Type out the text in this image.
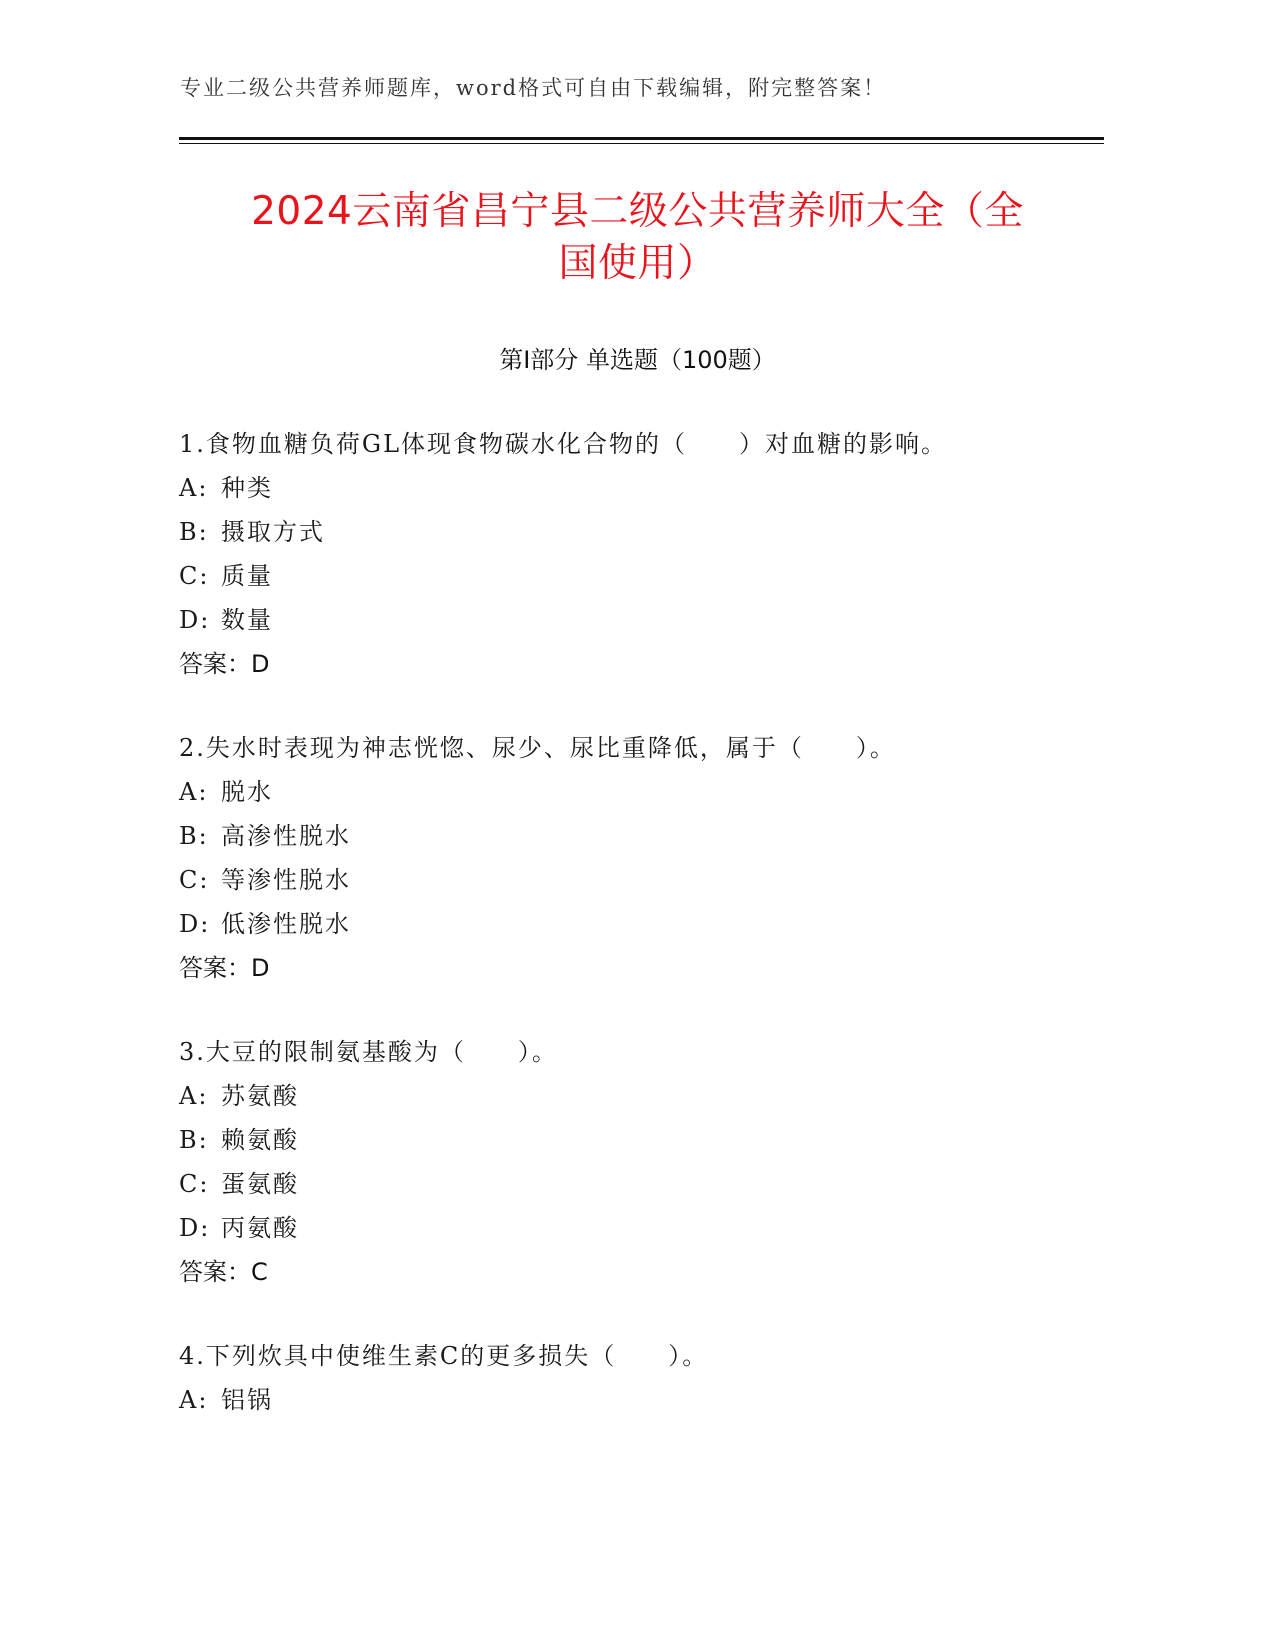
专业二级公共营养师题库，word格式可自由下载编辑，附完整答案！
2024云南省昌宁县二级公共营养师大全（全
国使用）
第Ⅰ部分 单选题（100题）
1.食物血糖负荷GL体现食物碳水化合物的（　　）对血糖的影响。
A: 种类
B: 摄取方式
C: 质量
D: 数量
答案：D
2.失水时表现为神志恍惚、尿少、尿比重降低，属于（　　）。
A: 脱水
B: 高渗性脱水
C: 等渗性脱水
D: 低渗性脱水
答案：D
3.大豆的限制氨基酸为（　　）。
A: 苏氨酸
B: 赖氨酸
C: 蛋氨酸
D: 丙氨酸
答案：C
4.下列炊具中使维生素C的更多损失（　　）。
A: 铝锅
